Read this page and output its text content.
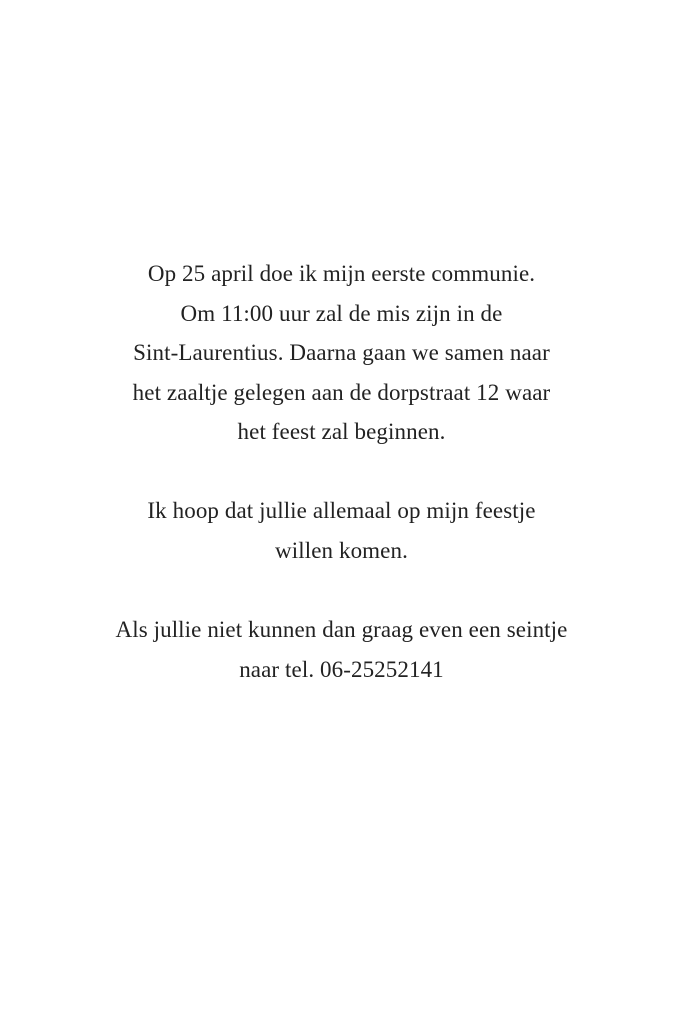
Op 25 april doe ik mijn eerste communie.
Om 11:00 uur zal de mis zijn in de
Sint-Laurentius. Daarna gaan we samen naar
het zaaltje gelegen aan de dorpstraat 12 waar
het feest zal beginnen.
Ik hoop dat jullie allemaal op mijn feestje
willen komen.
Als jullie niet kunnen dan graag even een seintje
naar tel. 06-25252141
